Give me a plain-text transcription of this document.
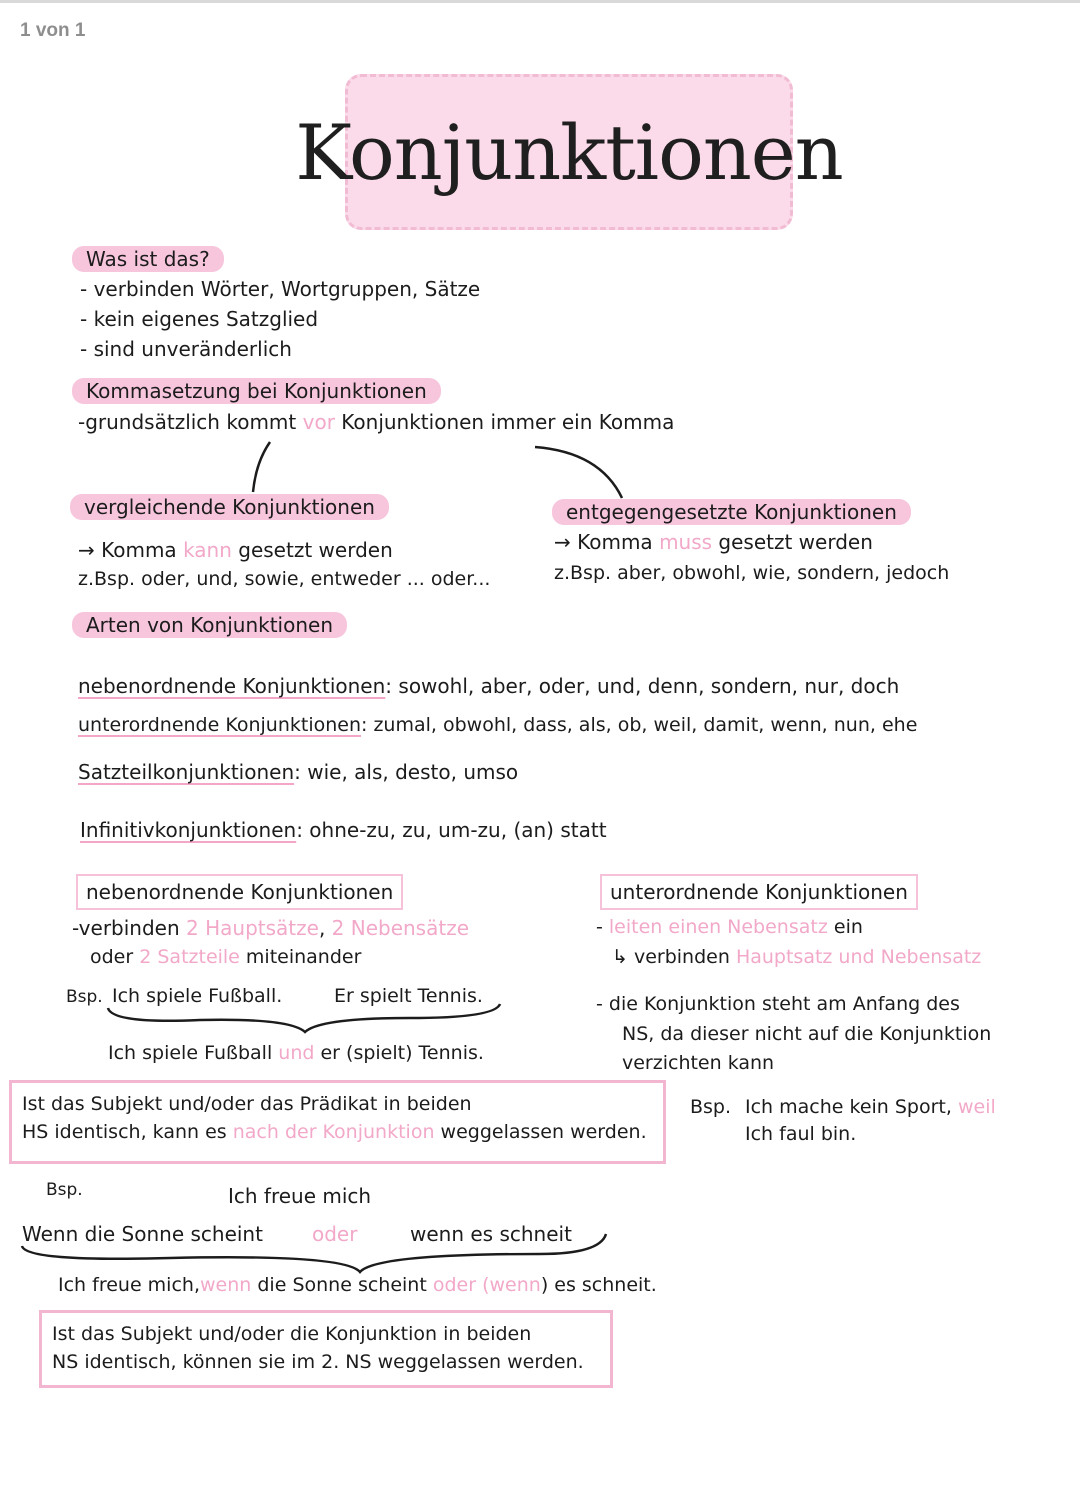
1 von 1
Konjunktionen
Was ist das?
- verbinden Wörter, Wortgruppen, Sätze
- kein eigenes Satzglied
- sind unveränderlich
Kommasetzung bei Konjunktionen
-grundsätzlich kommt vor Konjunktionen immer ein Komma
vergleichende Konjunktionen
→ Komma kann gesetzt werden
z.Bsp. oder, und, sowie, entweder ... oder...
entgegengesetzte Konjunktionen
→ Komma muss gesetzt werden
z.Bsp. aber, obwohl, wie, sondern, jedoch
Arten von Konjunktionen
nebenordnende Konjunktionen: sowohl, aber, oder, und, denn, sondern, nur, doch
unterordnende Konjunktionen: zumal, obwohl, dass, als, ob, weil, damit, wenn, nun, ehe
Satzteilkonjunktionen: wie, als, desto, umso
Infinitivkonjunktionen: ohne-zu, zu, um-zu, (an) statt
nebenordnende Konjunktionen
-verbinden 2 Hauptsätze, 2 Nebensätze
oder 2 Satzteile miteinander
Bsp. Ich spiele Fußball.	Er spielt Tennis.
Ich spiele Fußball und er (spielt) Tennis.
Ist das Subjekt und/oder das Prädikat in beiden
HS identisch, kann es nach der Konjunktion weggelassen werden.
unterordnende Konjunktionen
- leiten einen Nebensatz ein
↳ verbinden Hauptsatz und Nebensatz
- die Konjunktion steht am Anfang des
NS, da dieser nicht auf die Konjunktion
verzichten kann
Bsp. Ich mache kein Sport, weil
Ich faul bin.
Bsp.	Ich freue mich
Wenn die Sonne scheint oder	wenn es schneit
Ich freue mich,wenn die Sonne scheint oder (wenn) es schneit.
Ist das Subjekt und/oder die Konjunktion in beiden
NS identisch, können sie im 2. NS weggelassen werden.
